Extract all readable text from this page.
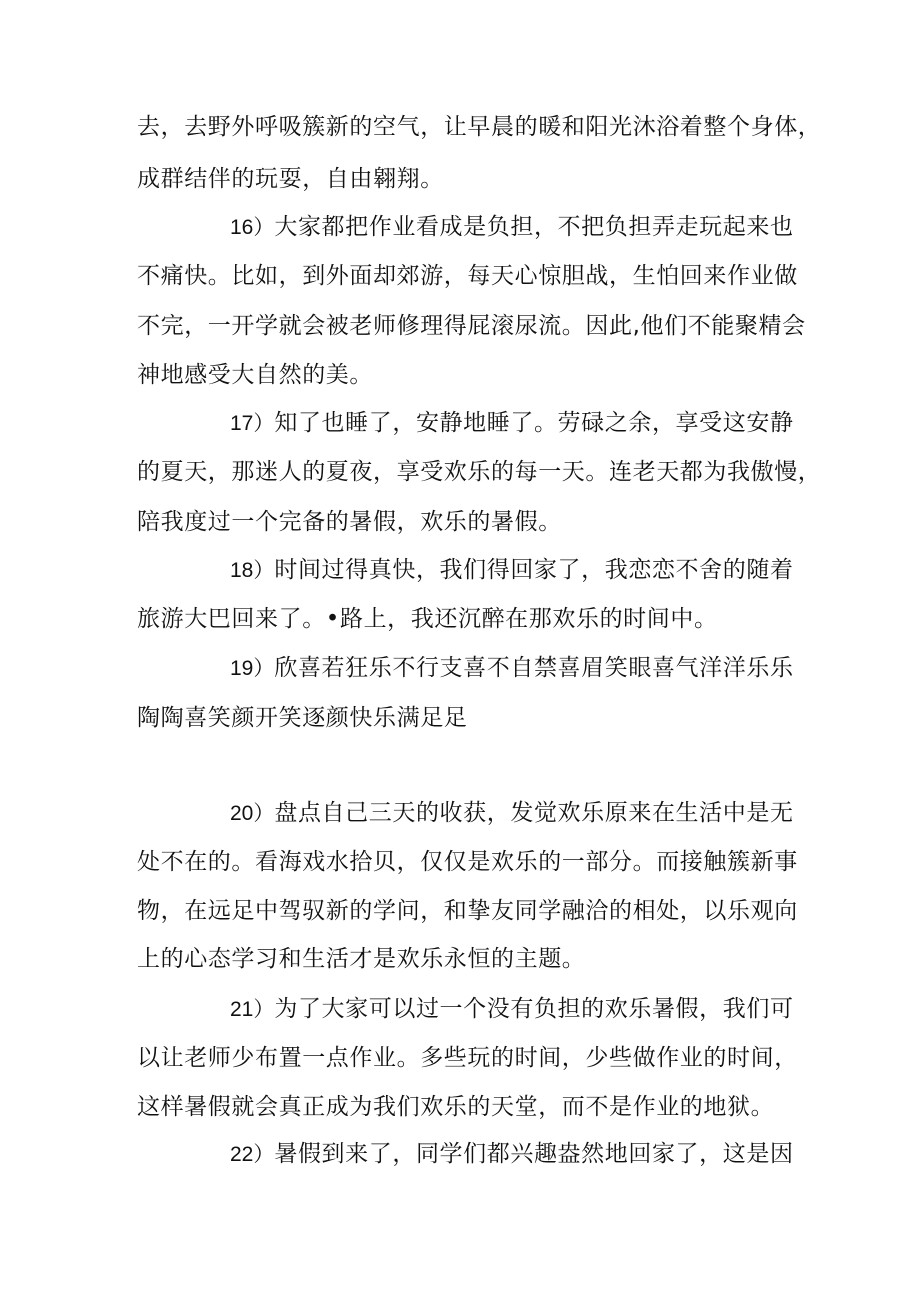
去，去野外呼吸簇新的空气，让早晨的暖和阳光沐浴着整个身体，
成群结伴的玩耍，自由翱翔。
16）大家都把作业看成是负担，不把负担弄走玩起来也
不痛快。比如，到外面却郊游，每天心惊胆战，生怕回来作业做
不完，一开学就会被老师修理得屁滚尿流。因此,他们不能聚精会
神地感受大自然的美。
17）知了也睡了，安静地睡了。劳碌之余，享受这安静
的夏天，那迷人的夏夜，享受欢乐的每一天。连老天都为我傲慢，
陪我度过一个完备的暑假，欢乐的暑假。
18）时间过得真快，我们得回家了，我恋恋不舍的随着
旅游大巴回来了。•路上，我还沉醉在那欢乐的时间中。
19）欣喜若狂乐不行支喜不自禁喜眉笑眼喜气洋洋乐乐
陶陶喜笑颜开笑逐颜快乐满足足
20）盘点自己三天的收获，发觉欢乐原来在生活中是无
处不在的。看海戏水拾贝，仅仅是欢乐的一部分。而接触簇新事
物，在远足中驾驭新的学问，和挚友同学融洽的相处，以乐观向
上的心态学习和生活才是欢乐永恒的主题。
21）为了大家可以过一个没有负担的欢乐暑假，我们可
以让老师少布置一点作业。多些玩的时间，少些做作业的时间，
这样暑假就会真正成为我们欢乐的天堂，而不是作业的地狱。
22）暑假到来了，同学们都兴趣盎然地回家了，这是因
